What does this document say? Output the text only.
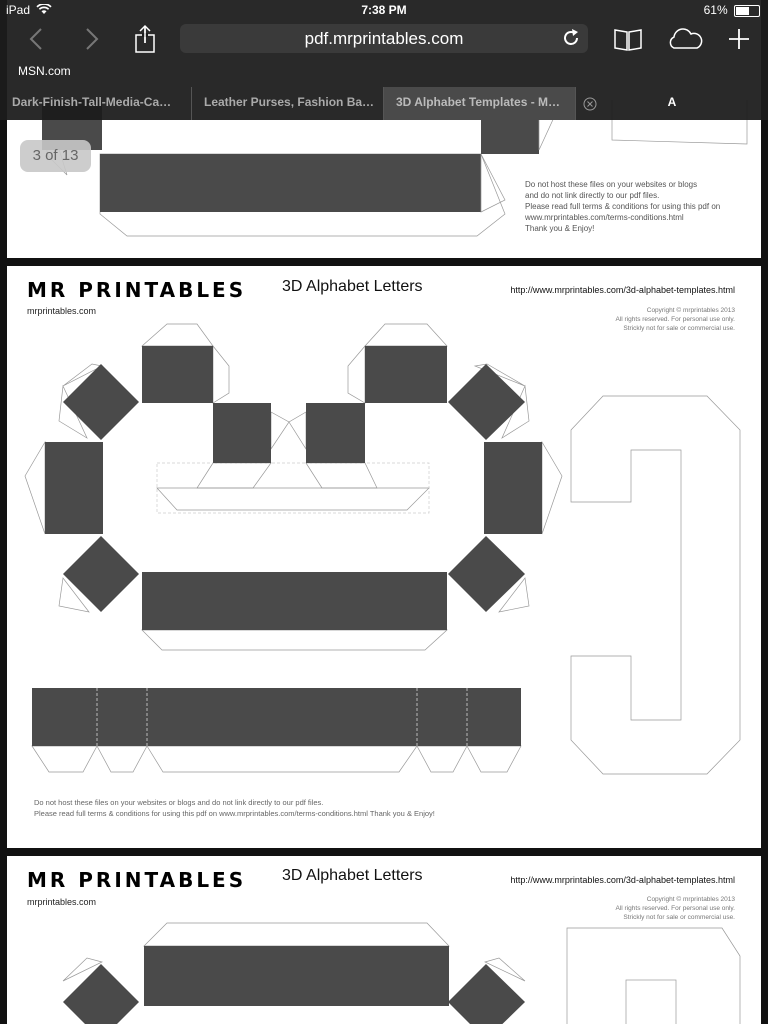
Do not host these files on your websites or blogs
and do not link directly to our pdf files.
Please read full terms & conditions for using this pdf on
www.mrprintables.com/terms-conditions.html
Thank you & Enjoy!
3 of 13
MR PRINTABLES
mrprintables.com
3D Alphabet Letters	http://www.mrprintables.com/3d-alphabet-templates.html
Copyright © mrprintables 2013
All rights reserved. For personal use only.
Strickly not for sale or commercial use.
Do not host these files on your websites or blogs and do not link directly to our pdf files.
Please read full terms & conditions for using this pdf on www.mrprintables.com/terms-conditions.html Thank you & Enjoy!
MR PRINTABLES
mrprintables.com
3D Alphabet Letters	http://www.mrprintables.com/3d-alphabet-templates.html
Copyright © mrprintables 2013
All rights reserved. For personal use only.
Strickly not for sale or commercial use.
iPad	7:38 PM	61%
pdf.mrprintables.com
MSN.com
Dark-Finish-Tall-Media-Ca…	Leather Purses, Fashion Ba…	3D Alphabet Templates - M…	A
